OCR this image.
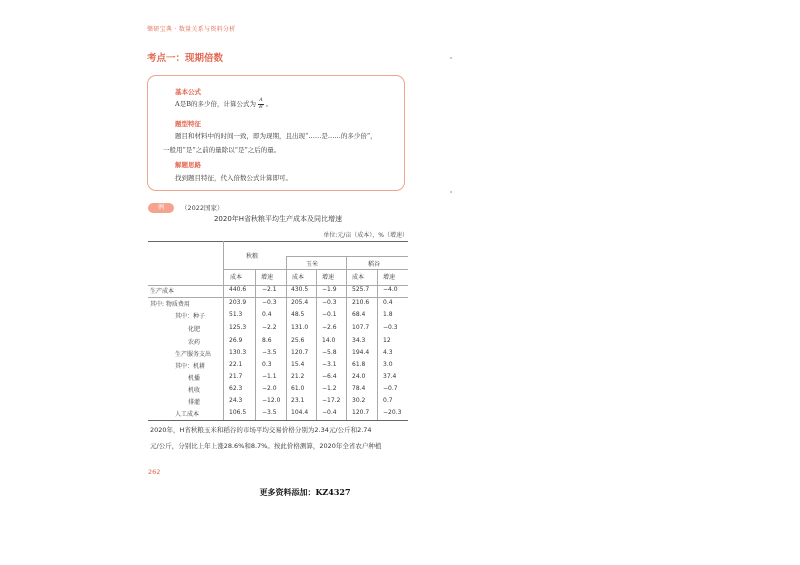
樂研宝典 · 数量关系与资料分析
考点一：现期倍数
基本公式
A是B的多少倍，计算公式为 $\frac{A}{B}$ 。
题型特征
题目和材料中的时间一致，即为现期，且出现“……是……的多少倍”，
一般用“是”之前的量除以“是”之后的量。
解题思路
找到题目特征，代入倍数公式计算即可。
例	（2022国家）
2020年H省秋粮平均生产成本及同比增速
单位:元/亩（成本），%（增速）
秋粮
玉米	稻谷
成本	增速	成本	增速	成本	增速
生产成本	440.6	−2.1 430.5 −1.9	525.7 −4.0
其中: 物质费用	203.9	−0.3 205.4 −0.3	210.6 0.4
其中：种子	51.3	0.4	48.5	−0.1	68.4	1.8
化肥	125.3	−2.2 131.0 −2.6	107.7 −0.3
农药	26.9	8.6	25.6	14.0	34.3	12
生产服务支出	130.3	−3.5 120.7 −5.8	194.4 4.3
其中：机耕	22.1	0.3	15.4	−3.1	61.8	3.0
机播	21.7	−1.1 21.2	−6.4	24.0	37.4
机收	62.3	−2.0 61.0	−1.2	78.4	−0.7
排灌	24.3	−12.0 23.1	−17.2 30.2	0.7
人工成本	106.5	−3.5 104.4 −0.4	120.7 −20.3
2020年，H省秋粮玉米和稻谷的市场平均交易价格分别为2.34元/公斤和2.74
元/公斤，分别比上年上涨28.6%和8.7%。按此价格测算，2020年全省农户种植
262
更多资料添加：KZ4327
